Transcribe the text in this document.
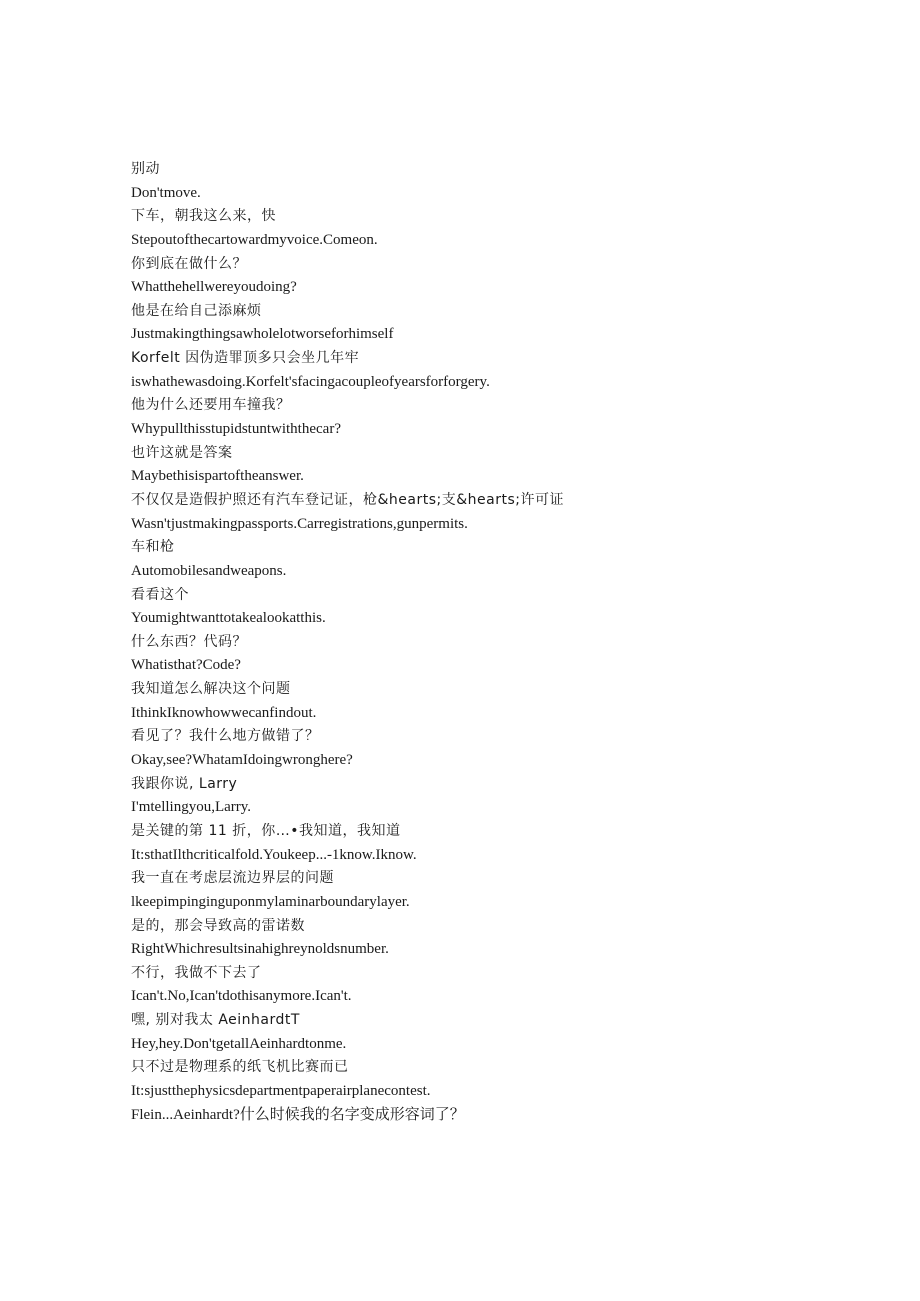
别动
Don'tmove.
下车，朝我这么来，快
Stepoutofthecartowardmyvoice.Comeon.
你到底在做什么？
Whatthehellwereyoudoing?
他是在给自己添麻烦
Justmakingthingsawholelotworseforhimself
Korfelt 因伪造罪顶多只会坐几年牢
iswhathewasdoing.Korfelt'sfacingacoupleofyearsforforgery.
他为什么还要用车撞我？
Whypullthisstupidstuntwiththecar?
也许这就是答案
Maybethisispartoftheanswer.
不仅仅是造假护照还有汽车登记证，枪&hearts;支&hearts;许可证
Wasn'tjustmakingpassports.Carregistrations,gunpermits.
车和枪
Automobilesandweapons.
看看这个
Youmightwanttotakealookatthis.
什么东西？代码？
Whatisthat?Code?
我知道怎么解决这个问题
IthinkIknowhowwecanfindout.
看见了？我什么地方做错了？
Okay,see?WhatamIdoingwronghere?
我跟你说, Larry
I'mtellingyou,Larry.
是关键的第 11 折，你…•我知道，我知道
It:sthatIlthcriticalfold.Youkeep...-1know.Iknow.
我一直在考虑层流边界层的问题
lkeepimpinginguponmylaminarboundarylayer.
是的，那会导致高的雷诺数
RightWhichresultsinahighreynoldsnumber.
不行，我做不下去了
Ican't.No,Ican'tdothisanymore.Ican't.
嘿, 别对我太 AeinhardtT
Hey,hey.Don'tgetallAeinhardtonme.
只不过是物理系的纸飞机比赛而已
It:sjustthephysicsdepartmentpaperairplanecontest.
Flein...Aeinhardt?什么时候我的名字变成形容词了？
